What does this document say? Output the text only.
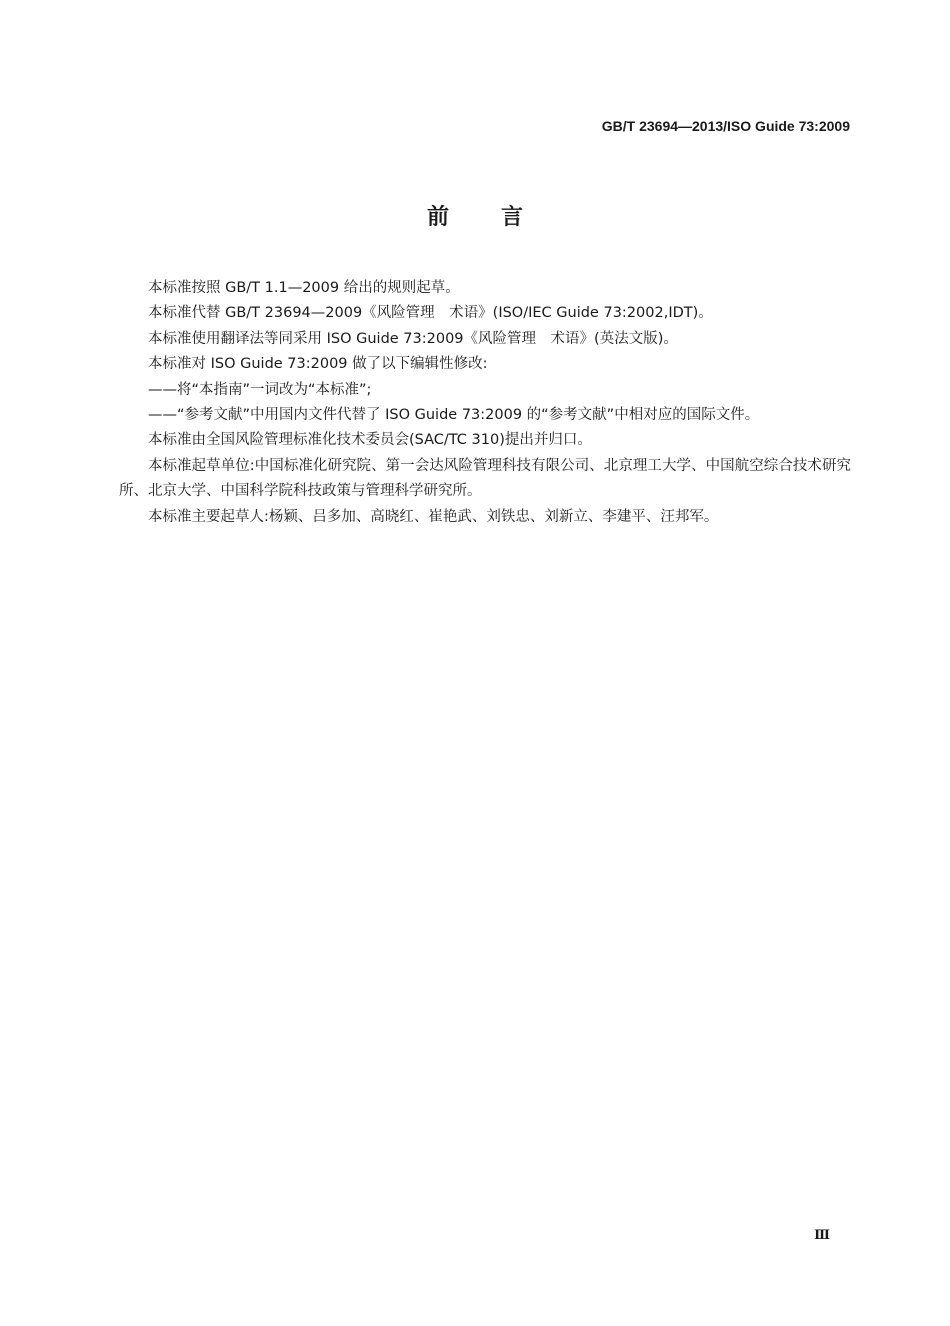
GB/T 23694—2013/ISO Guide 73:2009
前言

本标准按照 GB/T 1.1—2009 给出的规则起草。

本标准代替 GB/T 23694—2009《风险管理　术语》(ISO/IEC Guide 73:2002,IDT)。

本标准使用翻译法等同采用 ISO Guide 73:2009《风险管理　术语》(英法文版)。

本标准对 ISO Guide 73:2009 做了以下编辑性修改:

——将“本指南”一词改为“本标准”;

——“参考文献”中用国内文件代替了 ISO Guide 73:2009 的“参考文献”中相对应的国际文件。

本标准由全国风险管理标准化技术委员会(SAC/TC 310)提出并归口。

本标准起草单位:中国标准化研究院、第一会达风险管理科技有限公司、北京理工大学、中国航空综合技术研究所、北京大学、中国科学院科技政策与管理科学研究所。

本标准主要起草人:杨颖、吕多加、高晓红、崔艳武、刘铁忠、刘新立、李建平、汪邦军。

Ⅲ
